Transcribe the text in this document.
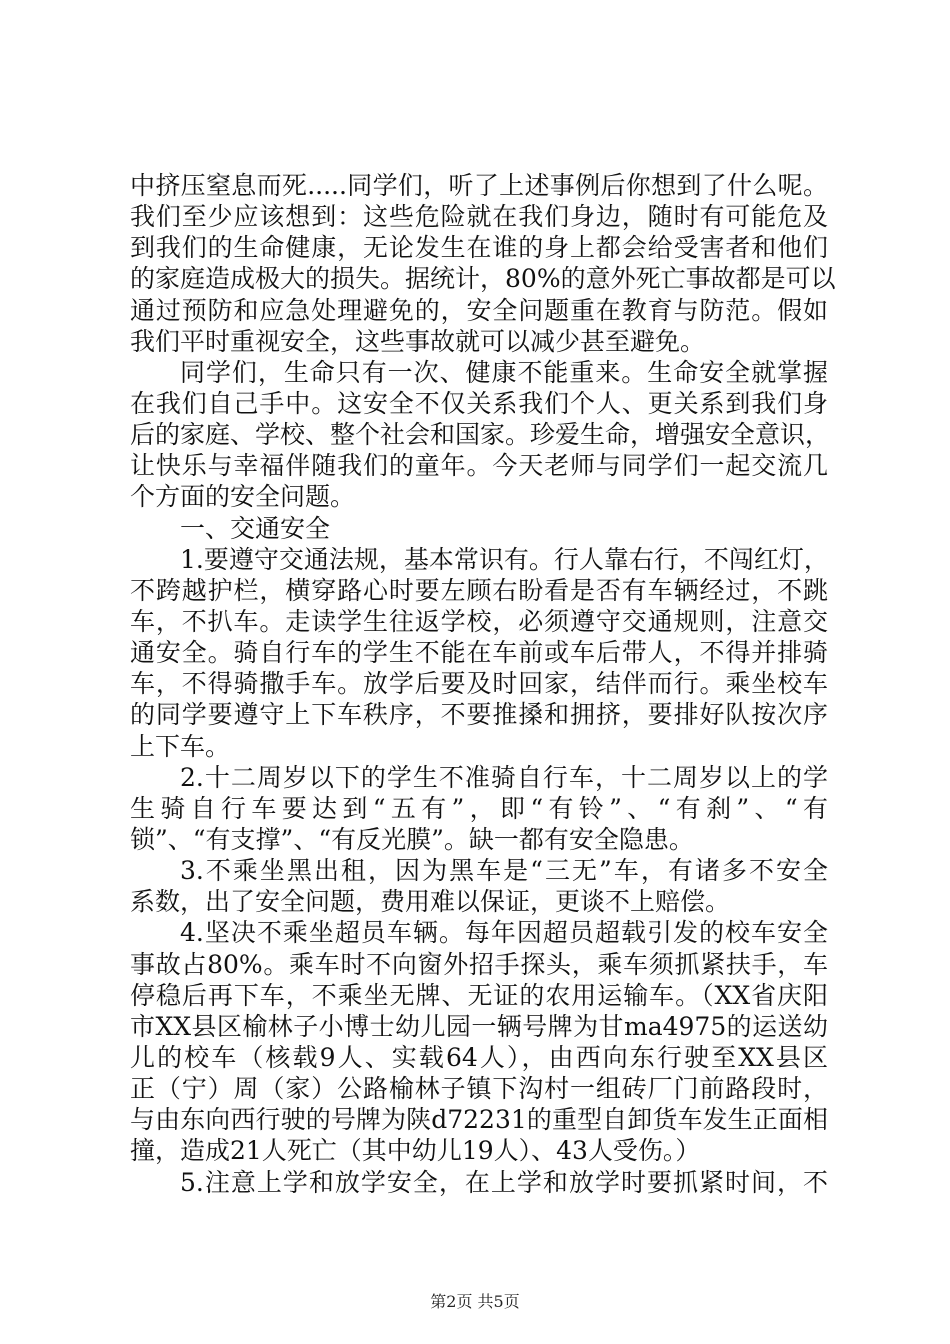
中挤压窒息而死.....同学们，听了上述事例后你想到了什么呢。
我们至少应该想到：这些危险就在我们身边，随时有可能危及
到我们的生命健康，无论发生在谁的身上都会给受害者和他们
的家庭造成极大的损失。据统计，80%的意外死亡事故都是可以
通过预防和应急处理避免的，安全问题重在教育与防范。假如
我们平时重视安全，这些事故就可以减少甚至避免。
同学们，生命只有一次、健康不能重来。生命安全就掌握
在我们自己手中。这安全不仅关系我们个人、更关系到我们身
后的家庭、学校、整个社会和国家。珍爱生命，增强安全意识，
让快乐与幸福伴随我们的童年。今天老师与同学们一起交流几
个方面的安全问题。
一、交通安全
1.要遵守交通法规，基本常识有。行人靠右行，不闯红灯，
不跨越护栏，横穿路心时要左顾右盼看是否有车辆经过，不跳
车，不扒车。走读学生往返学校，必须遵守交通规则，注意交
通安全。骑自行车的学生不能在车前或车后带人，不得并排骑
车，不得骑撒手车。放学后要及时回家，结伴而行。乘坐校车
的同学要遵守上下车秩序，不要推搡和拥挤，要排好队按次序
上下车。
2.十二周岁以下的学生不准骑自行车，十二周岁以上的学
生骑自行车要达到“五有”，即“有铃”、“有刹”、“有
锁”、“有支撑”、“有反光膜”。缺一都有安全隐患。
3.不乘坐黑出租，因为黑车是“三无”车，有诸多不安全
系数，出了安全问题，费用难以保证，更谈不上赔偿。
4.坚决不乘坐超员车辆。每年因超员超载引发的校车安全
事故占80%。乘车时不向窗外招手探头，乘车须抓紧扶手，车
停稳后再下车，不乘坐无牌、无证的农用运输车。（XX省庆阳
市XX县区榆林子小博士幼儿园一辆号牌为甘ma4975的运送幼
儿的校车（核载9人、实载64人），由西向东行驶至XX县区
正（宁）周（家）公路榆林子镇下沟村一组砖厂门前路段时，
与由东向西行驶的号牌为陕d72231的重型自卸货车发生正面相
撞，造成21人死亡（其中幼儿19人）、43人受伤。）
5.注意上学和放学安全，在上学和放学时要抓紧时间，不
第2页 共5页
